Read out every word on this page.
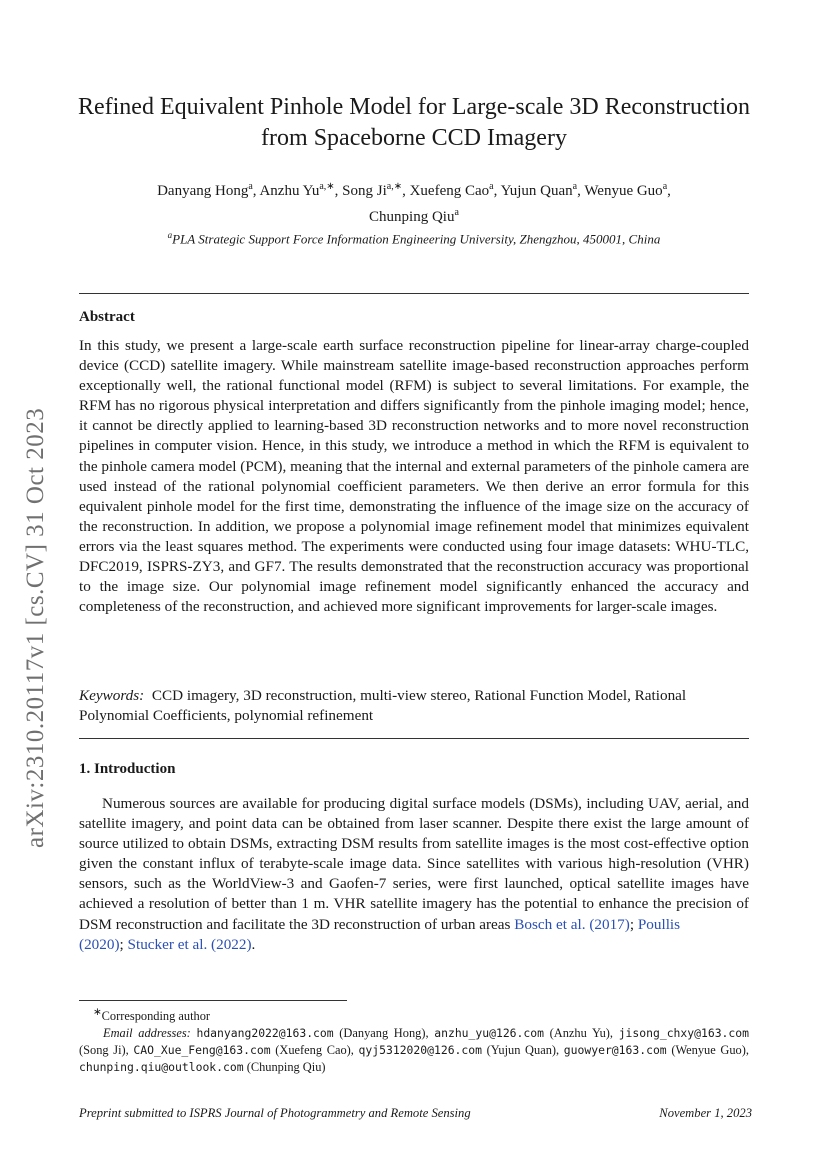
arXiv:2310.20117v1 [cs.CV] 31 Oct 2023
Refined Equivalent Pinhole Model for Large-scale 3D Reconstruction
from Spaceborne CCD Imagery
Danyang Hong$^a$, Anzhu $Yu^{a,∗}$, Song $Ji^{a,∗}$, Xuefeng Cao$^a$, Yujun Quan$^a$, Wenyue Guo$^a$,
Chunping Qiu$^a$
$^a$PLA Strategic Support Force Information Engineering University, Zhengzhou, 450001, China
Abstract
In this study, we present a large-scale earth surface reconstruction pipeline for linear-array charge-coupled device (CCD) satellite imagery. While mainstream satellite image-based reconstruction approaches perform exceptionally well, the rational functional model (RFM) is subject to several limitations. For example, the RFM has no rigorous physical interpretation and differs significantly from the pinhole imaging model; hence, it cannot be directly applied to learning-based 3D reconstruction networks and to more novel reconstruction pipelines in computer vision. Hence, in this study, we introduce a method in which the RFM is equivalent to the pinhole camera model (PCM), meaning that the internal and external parameters of the pinhole camera are used instead of the rational polynomial coefficient parameters. We then derive an error formula for this equivalent pinhole model for the first time, demonstrating the influence of the image size on the accuracy of the reconstruction. In addition, we propose a polynomial image refinement model that minimizes equivalent errors via the least squares method. The experiments were conducted using four image datasets: WHU-TLC, DFC2019, ISPRS-ZY3, and GF7. The results demonstrated that the reconstruction accuracy was proportional to the image size. Our polynomial image refinement model significantly enhanced the accuracy and completeness of the reconstruction, and achieved more significant improvements for larger-scale images.
Keywords: CCD imagery, 3D reconstruction, multi-view stereo, Rational Function Model, Rational Polynomial Coefficients, polynomial refinement
1. Introduction
Numerous sources are available for producing digital surface models (DSMs), including UAV, aerial, and satellite imagery, and point data can be obtained from laser scanner. Despite there exist the large amount of source utilized to obtain DSMs, extracting DSM results from satellite images is the most cost-effective option given the constant influx of terabyte-scale image data. Since satellites with various high-resolution (VHR) sensors, such as the WorldView-3 and Gaofen-7 series, were first launched, optical satellite images have achieved a resolution of better than 1 m. VHR satellite imagery has the potential to enhance the precision of DSM reconstruction and facilitate the 3D reconstruction of urban areas Bosch et al. (2017); Poullis
(2020); Stucker et al. (2022).
∗Corresponding author
Email addresses: hdanyang2022@163.com (Danyang Hong), anzhu_yu@126.com (Anzhu Yu), jisong_chxy@163.com (Song Ji), CAO_Xue_Feng@163.com (Xuefeng Cao), qyj5312020@126.com (Yujun Quan), guowyer@163.com (Wenyue Guo), chunping.qiu@outlook.com (Chunping Qiu)
Preprint submitted to ISPRS Journal of Photogrammetry and Remote Sensing	November 1, 2023
